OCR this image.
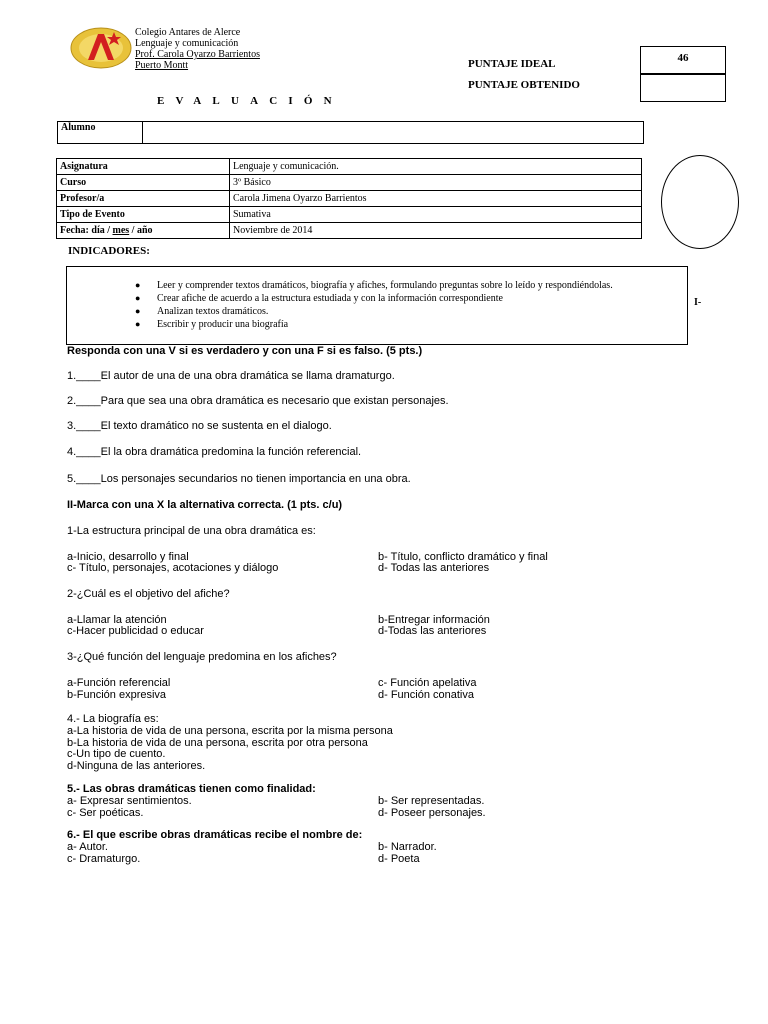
Colegio Antares de Alerce
Lenguaje y comunicación
Prof. Carola Oyarzo Barrientos
Puerto Montt	PUNTAJE IDEAL	46
PUNTAJE OBTENIDO
EVALUACIÓN
Alumno	
Asignatura	Lenguaje y comunicación.
Curso	3º Básico
Profesor/a	Carola Jimena Oyarzo Barrientos
Tipo de Evento	Sumativa
Fecha: día / mes / año	Noviembre de 2014
INDICADORES:
● Leer y comprender textos dramáticos, biografía y afiches, formulando preguntas sobre lo leído y respondiéndolas.
● Crear afiche de acuerdo a la estructura estudiada y con la información correspondiente
● Analizan textos dramáticos.
● Escribir y producir una biografía
I-
Responda con una V si es verdadero y con una F si es falso. (5 pts.)
1.____El autor de una de una obra dramática se llama dramaturgo.
2.____Para que sea una obra dramática es necesario que existan personajes.
3.____El texto dramático no se sustenta en el dialogo.
4.____El la obra dramática predomina la función referencial.
5.____Los personajes secundarios no tienen importancia en una obra.
II-Marca con una X la alternativa correcta. (1 pts. c/u)
1-La estructura principal de una obra dramática es:
a-Inicio, desarrollo y final	b- Título, conflicto dramático y final
c- Título, personajes, acotaciones y diálogo	d- Todas las anteriores
2-¿Cuál es el objetivo del afiche?
a-Llamar la atención	b-Entregar información
c-Hacer publicidad o educar	d-Todas las anteriores
3-¿Qué función del lenguaje predomina en los afiches?
a-Función referencial	c- Función apelativa
b-Función expresiva	d- Función conativa
4.- La biografía es:
a-La historia de vida de una persona, escrita por la misma persona
b-La historia de vida de una persona, escrita por otra persona
c-Un tipo de cuento.
d-Ninguna de las anteriores.
5.- Las obras dramáticas tienen como finalidad:
a- Expresar sentimientos.	b- Ser representadas.
c- Ser poéticas.	d- Poseer personajes.
6.- El que escribe obras dramáticas recibe el nombre de:
a- Autor.	b- Narrador.
c- Dramaturgo.	d- Poeta
